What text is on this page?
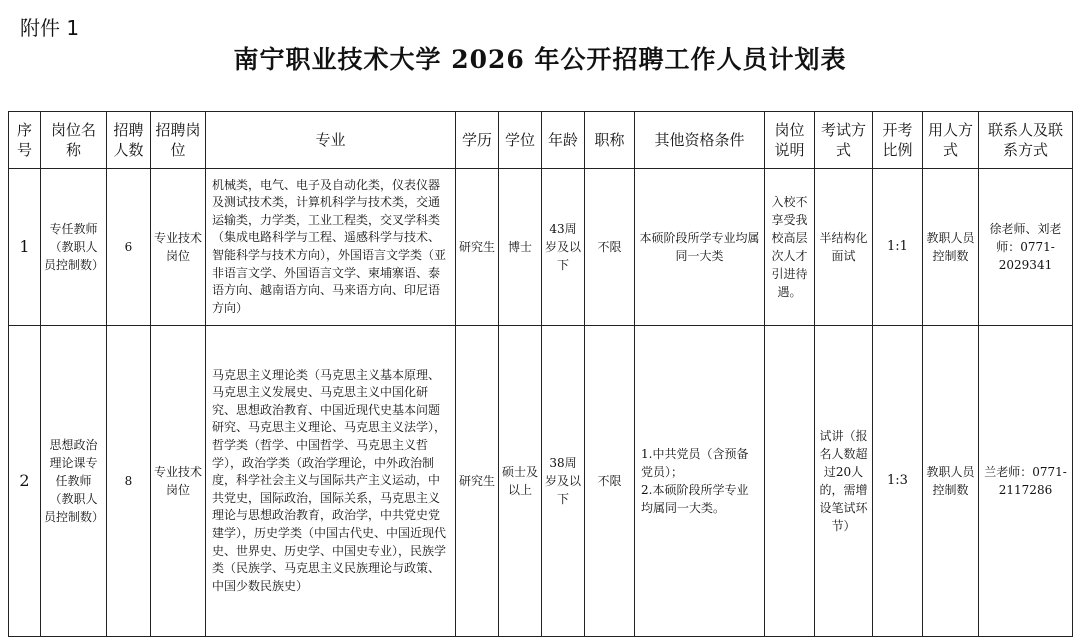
附件 1
南宁职业技术大学 2026 年公开招聘工作人员计划表
序号	岗位名称	招聘人数	招聘岗位	专业	学历	学位	年龄	职称	其他资格条件	岗位说明	考试方式	开考比例	用人方式	联系人及联系方式
1	专任教师（教职人员控制数）	6	专业技术岗位	机械类，电气、电子及自动化类，仪表仪器及测试技术类，计算机科学与技术类，交通运输类，力学类，工业工程类，交叉学科类（集成电路科学与工程、遥感科学与技术、智能科学与技术方向），外国语言文学类（亚非语言文学、外国语言文学、柬埔寨语、泰语方向、越南语方向、马来语方向、印尼语方向）	研究生	博士	43周岁及以下	不限	本硕阶段所学专业均属同一大类	入校不享受我校高层次人才引进待遇。	半结构化面试	1:1	教职人员控制数	徐老师、刘老师：0771-2029341
2	思想政治理论课专任教师（教职人员控制数）	8	专业技术岗位	马克思主义理论类（马克思主义基本原理、马克思主义发展史、马克思主义中国化研究、思想政治教育、中国近现代史基本问题研究、马克思主义理论、马克思主义法学），哲学类（哲学、中国哲学、马克思主义哲学），政治学类（政治学理论，中外政治制度，科学社会主义与国际共产主义运动，中共党史，国际政治，国际关系，马克思主义理论与思想政治教育，政治学，中共党史党建学），历史学类（中国古代史、中国近现代史、世界史、历史学、中国史专业），民族学类（民族学、马克思主义民族理论与政策、中国少数民族史）	研究生	硕士及以上	38周岁及以下	不限	1.中共党员（含预备党员）；
2.本硕阶段所学专业均属同一大类。		试讲（报名人数超过20人的，需增设笔试环节）	1:3	教职人员控制数	兰老师：0771-2117286
